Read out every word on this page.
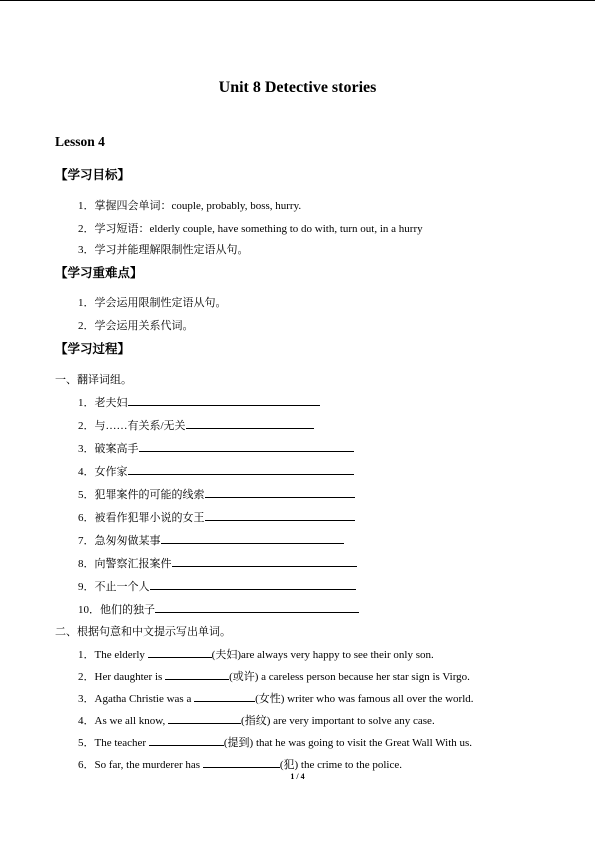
Unit 8 Detective stories
Lesson 4
【学习目标】
1．掌握四会单词：couple, probably, boss, hurry.
2．学习短语：elderly couple, have something to do with, turn out, in a hurry
3．学习并能理解限制性定语从句。
【学习重难点】
1．学会运用限制性定语从句。
2．学会运用关系代词。
【学习过程】
一、翻译词组。
1．老夫妇
2．与……有关系/无关
3．破案高手
4．女作家
5．犯罪案件的可能的线索
6．被看作犯罪小说的女王
7．急匆匆做某事
8．向警察汇报案件
9．不止一个人
10．他们的独子
二、根据句意和中文提示写出单词。
1．The elderly	(夫妇)are always very happy to see their only son.
2．Her daughter is	(或许) a careless person because her star sign is Virgo.
3．Agatha Christie was a	(女性) writer who was famous all over the world.
4．As we all know,	(指纹) are very important to solve any case.
5．The teacher	(提到) that he was going to visit the Great Wall With us.
6．So far, the murderer has	(犯) the crime to the police.
1 / 4
